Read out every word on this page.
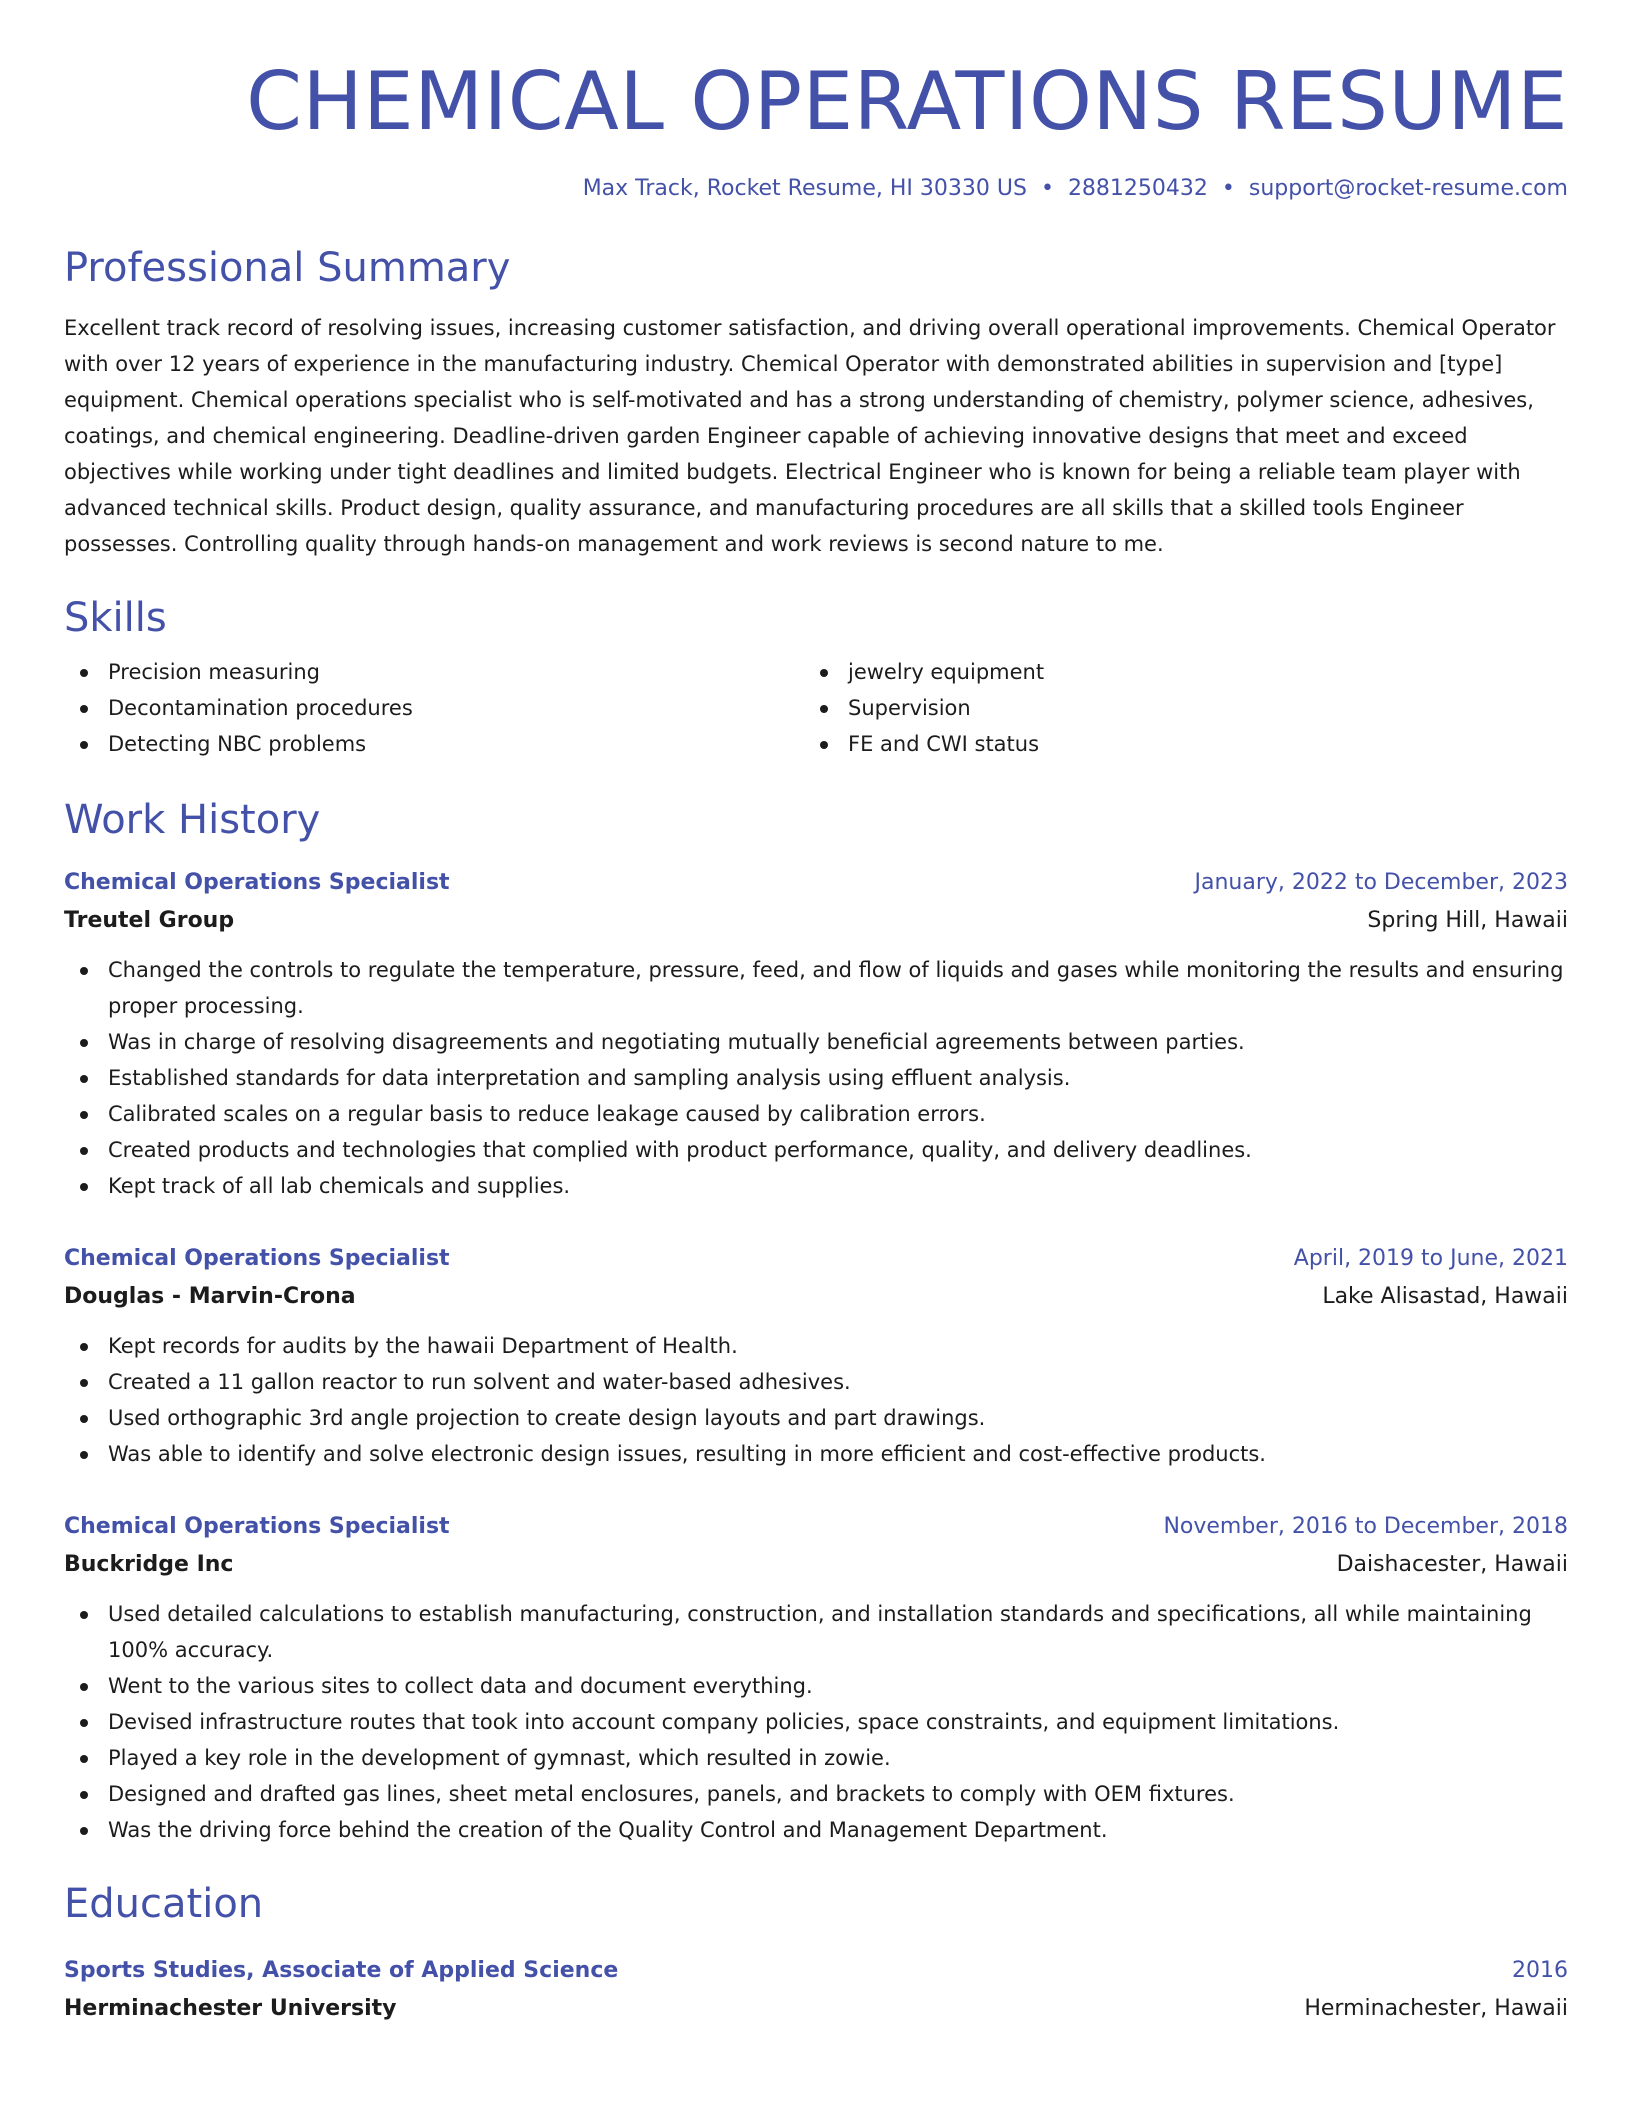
CHEMICAL OPERATIONS RESUME
Max Track, Rocket Resume, HI 30330 US • 2881250432 • support@rocket-resume.com
Professional Summary

Excellent track record of resolving issues, increasing customer satisfaction, and driving overall operational improvements. Chemical Operator with over 12 years of experience in the manufacturing industry. Chemical Operator with demonstrated abilities in supervision and [type] equipment. Chemical operations specialist who is self-motivated and has a strong understanding of chemistry, polymer science, adhesives, coatings, and chemical engineering. Deadline-driven garden Engineer capable of achieving innovative designs that meet and exceed objectives while working under tight deadlines and limited budgets. Electrical Engineer who is known for being a reliable team player with advanced technical skills. Product design, quality assurance, and manufacturing procedures are all skills that a skilled tools Engineer possesses. Controlling quality through hands-on management and work reviews is second nature to me.

Skills
Precision measuring
Decontamination procedures
Detecting NBC problems
jewelry equipment
Supervision
FE and CWI status
Work History
Chemical Operations Specialist	January, 2022 to December, 2023
Treutel Group	Spring Hill, Hawaii
Changed the controls to regulate the temperature, pressure, feed, and flow of liquids and gases while monitoring the results and ensuring proper processing.
Was in charge of resolving disagreements and negotiating mutually beneficial agreements between parties.
Established standards for data interpretation and sampling analysis using effluent analysis.
Calibrated scales on a regular basis to reduce leakage caused by calibration errors.
Created products and technologies that complied with product performance, quality, and delivery deadlines.
Kept track of all lab chemicals and supplies.
Chemical Operations Specialist	April, 2019 to June, 2021
Douglas - Marvin-Crona	Lake Alisastad, Hawaii
Kept records for audits by the hawaii Department of Health.
Created a 11 gallon reactor to run solvent and water-based adhesives.
Used orthographic 3rd angle projection to create design layouts and part drawings.
Was able to identify and solve electronic design issues, resulting in more efficient and cost-effective products.
Chemical Operations Specialist	November, 2016 to December, 2018
Buckridge Inc	Daishacester, Hawaii
Used detailed calculations to establish manufacturing, construction, and installation standards and specifications, all while maintaining 100% accuracy.
Went to the various sites to collect data and document everything.
Devised infrastructure routes that took into account company policies, space constraints, and equipment limitations.
Played a key role in the development of gymnast, which resulted in zowie.
Designed and drafted gas lines, sheet metal enclosures, panels, and brackets to comply with OEM fixtures.
Was the driving force behind the creation of the Quality Control and Management Department.
Education
Sports Studies, Associate of Applied Science	2016
Herminachester University	Herminachester, Hawaii
